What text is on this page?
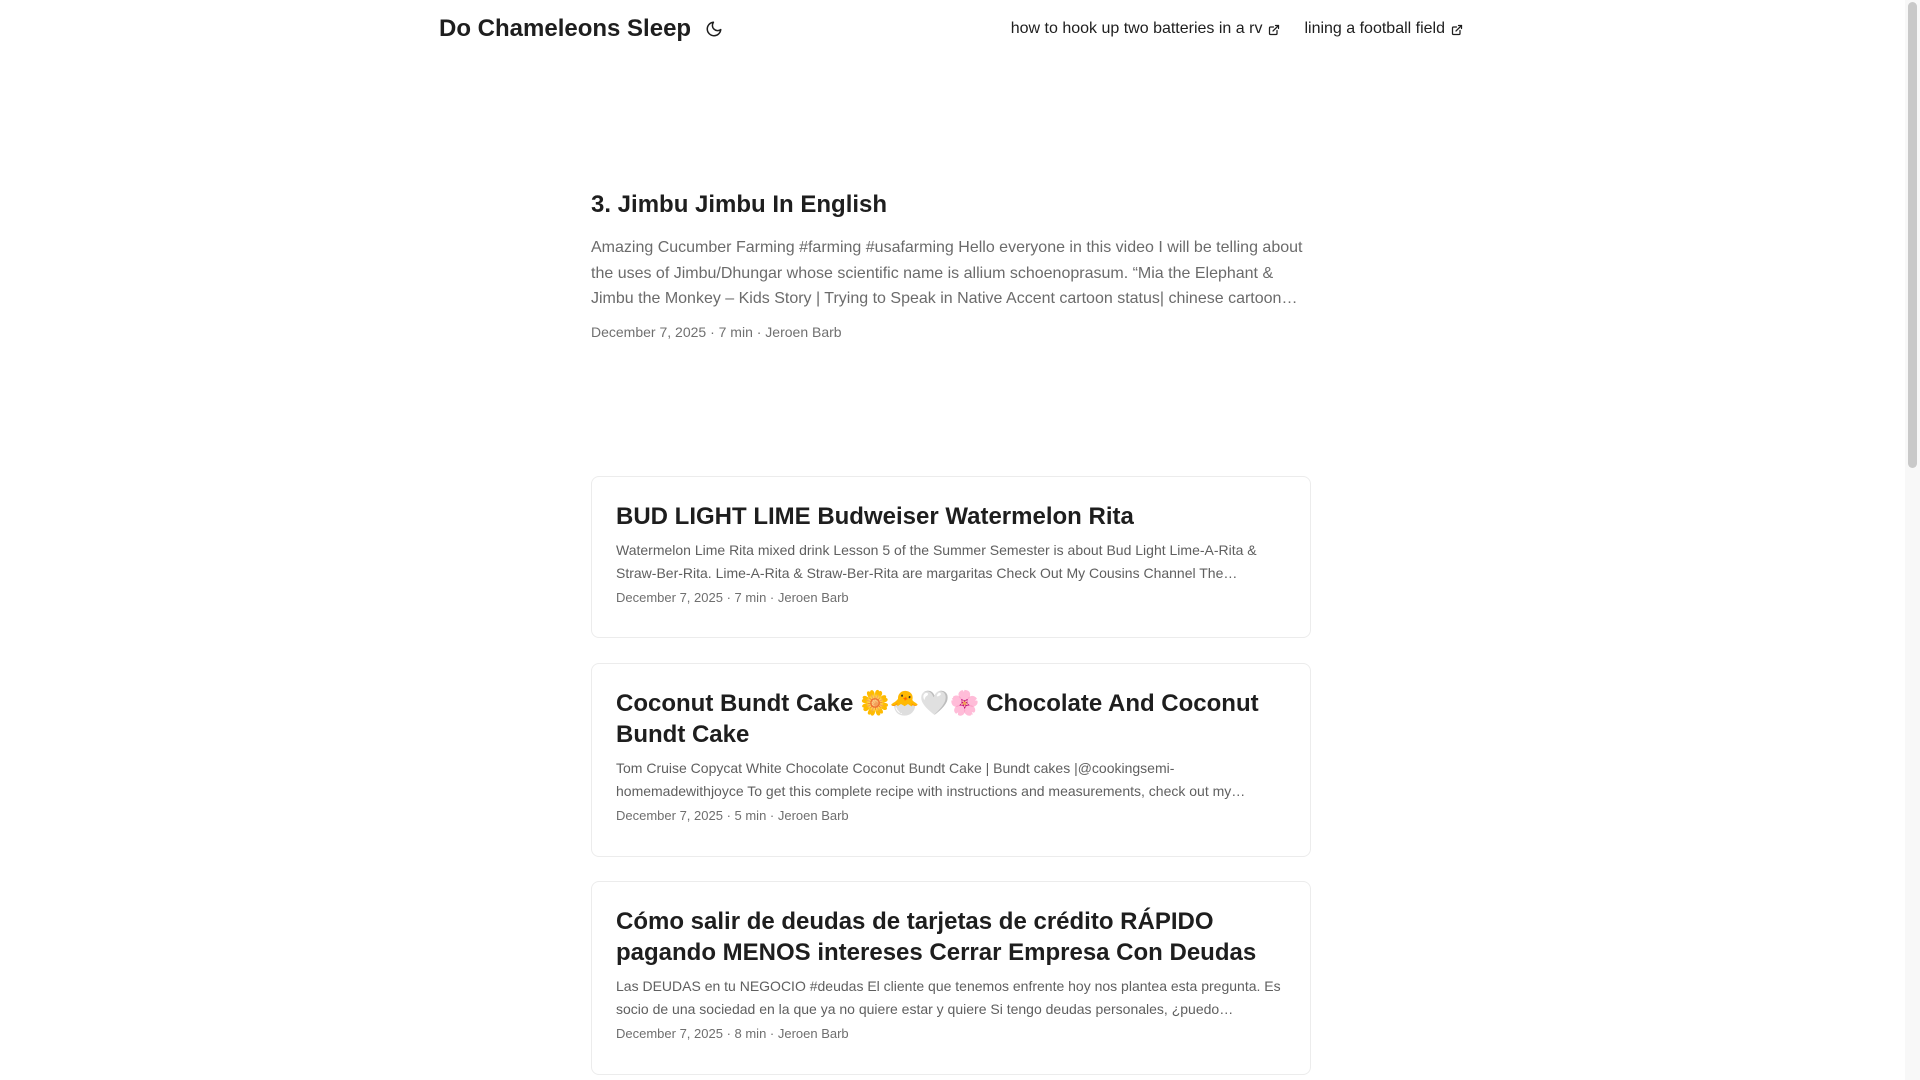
Do Chameleons Sleep	how to hook up two batteries in a rv	lining a football field
3. Jimbu Jimbu In English

Amazing Cucumber Farming #farming #usafarming Hello everyone in this video I will be telling about the uses of Jimbu/Dhungar whose scientific name is allium schoenoprasum. “Mia the Elephant & Jimbu the Monkey – Kids Story | Trying to Speak in Native Accent cartoon status| chinese cartoon…

December 7, 2025 · 7 min · Jeroen Barb
BUD LIGHT LIME Budweiser Watermelon Rita

Watermelon Lime Rita mixed drink Lesson 5 of the Summer Semester is about Bud Light Lime-A-Rita & Straw-Ber-Rita. Lime-A-Rita & Straw-Ber-Rita are margaritas Check Out My Cousins Channel The…

December 7, 2025 · 7 min · Jeroen Barb
Coconut Bundt Cake 🌼🐣🤍🌸 Chocolate And Coconut Bundt Cake

Tom Cruise Copycat White Chocolate Coconut Bundt Cake | Bundt cakes |@cookingsemi-homemadewithjoyce To get this complete recipe with instructions and measurements, check out my…

December 7, 2025 · 5 min · Jeroen Barb
Cómo salir de deudas de tarjetas de crédito RÁPIDO pagando MENOS intereses Cerrar Empresa Con Deudas

Las DEUDAS en tu NEGOCIO #deudas El cliente que tenemos enfrente hoy nos plantea esta pregunta. Es socio de una sociedad en la que ya no quiere estar y quiere Si tengo deudas personales, ¿puedo…

December 7, 2025 · 8 min · Jeroen Barb
